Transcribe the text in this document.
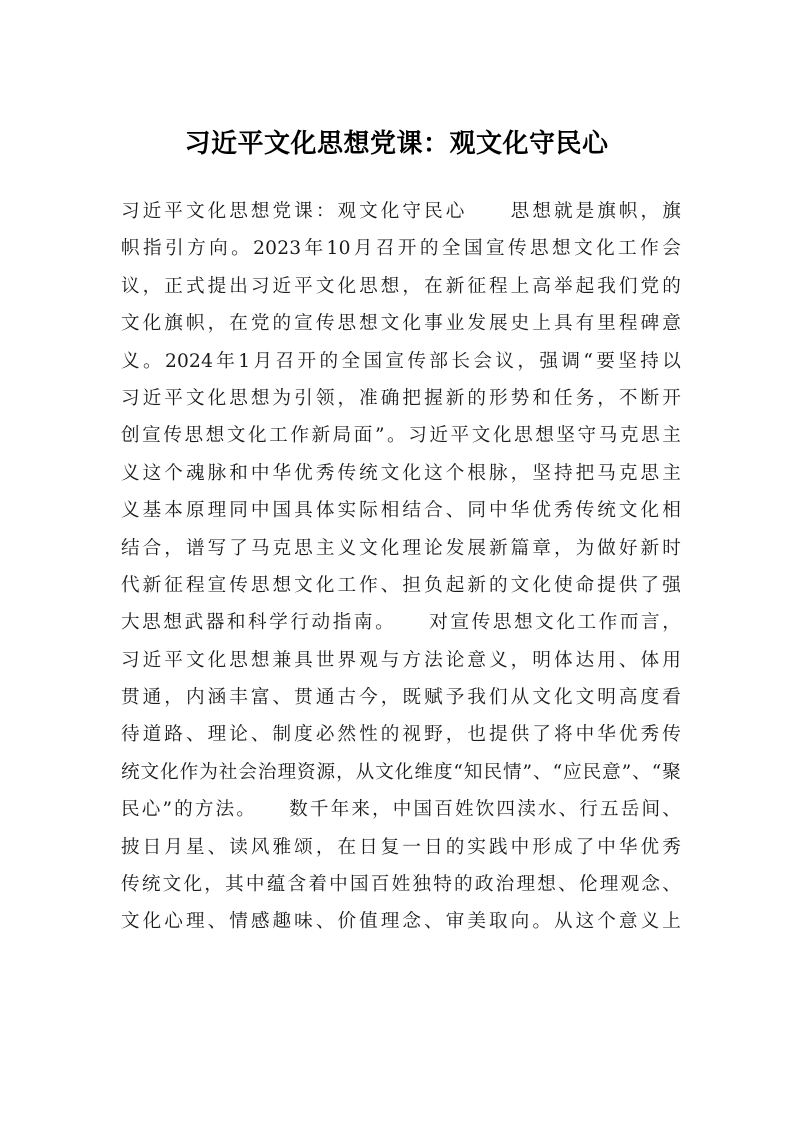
习近平文化思想党课：观文化守民心
习近平文化思想党课：观文化守民心　　思想就是旗帜，旗
帜指引方向。2023年10月召开的全国宣传思想文化工作会
议，正式提出习近平文化思想，在新征程上高举起我们党的
文化旗帜，在党的宣传思想文化事业发展史上具有里程碑意
义。2024年1月召开的全国宣传部长会议，强调“要坚持以
习近平文化思想为引领，准确把握新的形势和任务，不断开
创宣传思想文化工作新局面”。习近平文化思想坚守马克思主
义这个魂脉和中华优秀传统文化这个根脉，坚持把马克思主
义基本原理同中国具体实际相结合、同中华优秀传统文化相
结合，谱写了马克思主义文化理论发展新篇章，为做好新时
代新征程宣传思想文化工作、担负起新的文化使命提供了强
大思想武器和科学行动指南。　　对宣传思想文化工作而言，
习近平文化思想兼具世界观与方法论意义，明体达用、体用
贯通，内涵丰富、贯通古今，既赋予我们从文化文明高度看
待道路、理论、制度必然性的视野，也提供了将中华优秀传
统文化作为社会治理资源，从文化维度“知民情”、“应民意”、“聚
民心”的方法。　　数千年来，中国百姓饮四渎水、行五岳间、
披日月星、读风雅颂，在日复一日的实践中形成了中华优秀
传统文化，其中蕴含着中国百姓独特的政治理想、伦理观念、
文化心理、情感趣味、价值理念、审美取向。从这个意义上
